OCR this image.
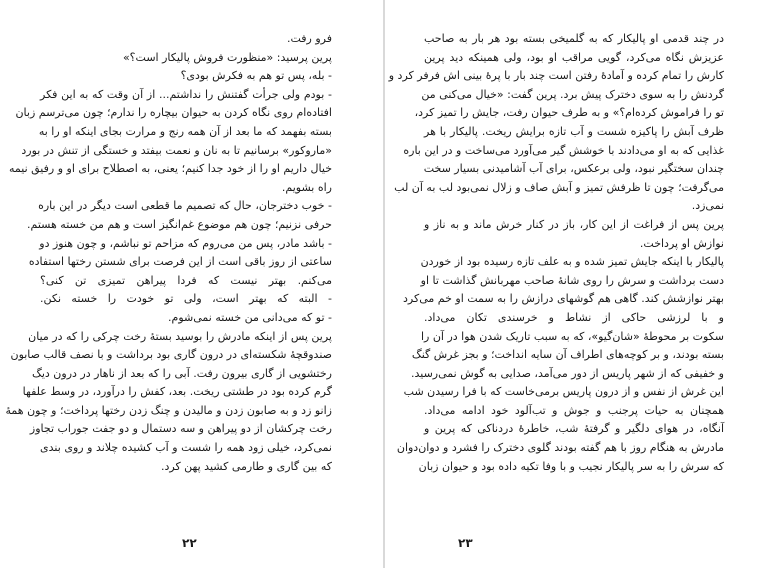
فرو رفت.
پرین پرسید: «منظورت فروش پالیکار است؟»
- بله، پس تو هم به فکرش بودی؟
- بودم ولی جرأت گفتنش را نداشتم... از آن وقت که به این فکر
افتاده‌ام روی نگاه کردن به حیوان بیچاره را ندارم؛ چون می‌ترسم زبان
بسته بفهمد که ما بعد از آن همه رنج و مرارت بجای اینکه او را به
«ماروکور» برسانیم تا به نان و نعمت بیفتد و خستگی از تنش در بورد
خیال داریم او را از خود جدا کنیم؛ یعنی، به اصطلاح برای او و رفیق نیمه
راه بشویم.
- خوب دخترجان، حال که تصمیم ما قطعی است دیگر در این باره
حرفی نزنیم؛ چون هم موضوع غم‌انگیز است و هم من خسته هستم.
- باشد مادر، پس من می‌روم که مزاحم تو نباشم، و چون هنوز دو
ساعتی از روز باقی است از این فرصت برای شستن رختها استفاده
می‌کنم. بهتر نیست که فردا پیراهن تمیزی تن کنی؟
- البته که بهتر است، ولی تو خودت را خسته نکن.
- تو که می‌دانی من خسته نمی‌شوم.
پرین پس از اینکه مادرش را بوسید بستهٔ رخت چرکی را که در میان
صندوقچهٔ شکسته‌ای در درون گاری بود برداشت و با نصف قالب صابون
رختشویی از گاری بیرون رفت. آبی را که بعد از ناهار در درون دیگ
گرم کرده بود در طشتی ریخت. بعد، کفش را درآورد، در وسط علفها
زانو زد و به صابون زدن و مالیدن و چنگ زدن رختها پرداخت؛ و چون همهٔ
رخت چرکشان از دو پیراهن و سه دستمال و دو جفت جوراب تجاوز
نمی‌کرد، خیلی زود همه را شست و آب کشیده چلاند و روی بندی
که بین گاری و طارمی کشید پهن کرد.
۲۲
در چند قدمی او پالیکار که به گلمیخی بسته بود هر بار به صاحب
عزیزش نگاه می‌کرد، گویی مراقب او بود، ولی همینکه دید پرین
کارش را تمام کرده و آمادهٔ رفتن است چند بار با پرهٔ بینی اش فرفر کرد و
گردنش را به سوی دخترک پیش برد. پرین گفت: «خیال می‌کنی من
تو را فراموش کرده‌ام؟» و به طرف حیوان رفت، جایش را تمیز کرد،
ظرف آبش را پاکیزه شست و آب تازه برایش ریخت. پالیکار با هر
غذایی که به او می‌دادند با خوشش گیر می‌آورد می‌ساخت و در این باره
چندان سختگیر نبود، ولی برعکس، برای آب آشامیدنی بسیار سخت
می‌گرفت؛ چون تا ظرفش تمیز و آبش صاف و زلال نمی‌بود لب به آن لب
نمی‌زد.
پرین پس از فراغت از این کار، باز در کنار خرش ماند و به ناز و
نوازش او پرداخت.
پالیکار با اینکه جایش تمیز شده و به علف تازه رسیده بود از خوردن
دست برداشت و سرش را روی شانهٔ صاحب مهربانش گذاشت تا او
بهتر نوازشش کند. گاهی هم گوشهای درازش را به سمت او خم می‌کرد
و با لرزشی حاکی از نشاط و خرسندی تکان می‌داد.
سکوت بر محوطهٔ «شان‌گیو»، که به سبب تاریک شدن هوا در آن را
بسته بودند، و بر کوچه‌های اطراف آن سایه انداخت؛ و بجز غرش گنگ
و خفیفی که از شهر پاریس از دور می‌آمد، صدایی به گوش نمی‌رسید.
این غرش از نفس و از درون پاریس برمی‌خاست که با فرا رسیدن شب
همچنان به حیات پرجنب و جوش و تب‌آلود خود ادامه می‌داد.
آنگاه، در هوای دلگیر و گرفتهٔ شب، خاطرهٔ دردناکی که پرین و
مادرش به هنگام روز با هم گفته بودند گلوی دخترک را فشرد و دوان‌دوان
که سرش را به سر پالیکار نجیب و با وفا تکیه داده بود و حیوان زبان
۲۳
